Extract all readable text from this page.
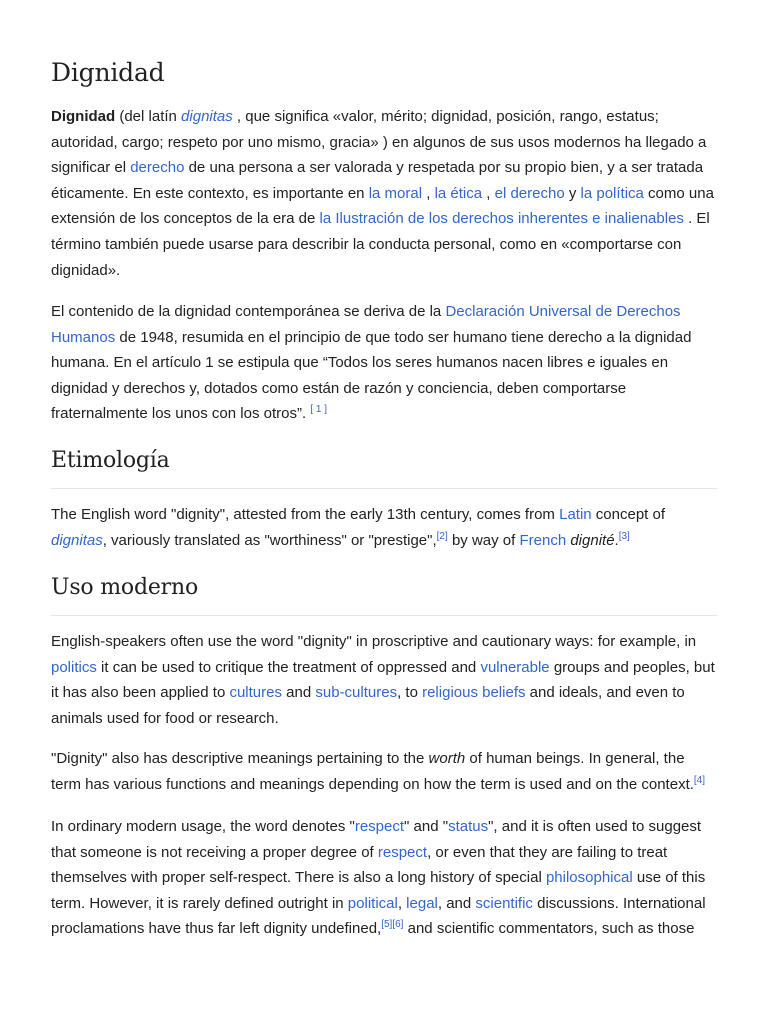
Dignidad

Dignidad (del latín dignitas , que significa «valor, mérito; dignidad, posición, rango, estatus; autoridad, cargo; respeto por uno mismo, gracia» ) en algunos de sus usos modernos ha llegado a significar el derecho de una persona a ser valorada y respetada por su propio bien, y a ser tratada éticamente. En este contexto, es importante en la moral , la ética , el derecho y la política como una extensión de los conceptos de la era de la Ilustración de los derechos inherentes e inalienables . El término también puede usarse para describir la conducta personal, como en «comportarse con dignidad».

El contenido de la dignidad contemporánea se deriva de la Declaración Universal de Derechos Humanos de 1948, resumida en el principio de que todo ser humano tiene derecho a la dignidad humana. En el artículo 1 se estipula que “Todos los seres humanos nacen libres e iguales en dignidad y derechos y, dotados como están de razón y conciencia, deben comportarse fraternalmente los unos con los otros”. [ 1 ]

Etimología

The English word "dignity", attested from the early 13th century, comes from Latin concept of dignitas, variously translated as "worthiness" or "prestige",[2] by way of French dignité.[3]

Uso moderno

English-speakers often use the word "dignity" in proscriptive and cautionary ways: for example, in politics it can be used to critique the treatment of oppressed and vulnerable groups and peoples, but it has also been applied to cultures and sub-cultures, to religious beliefs and ideals, and even to animals used for food or research.

"Dignity" also has descriptive meanings pertaining to the worth of human beings. In general, the term has various functions and meanings depending on how the term is used and on the context.[4]

In ordinary modern usage, the word denotes "respect" and "status", and it is often used to suggest that someone is not receiving a proper degree of respect, or even that they are failing to treat themselves with proper self-respect. There is also a long history of special philosophical use of this term. However, it is rarely defined outright in political, legal, and scientific discussions. International proclamations have thus far left dignity undefined,[5][6] and scientific commentators, such as those
